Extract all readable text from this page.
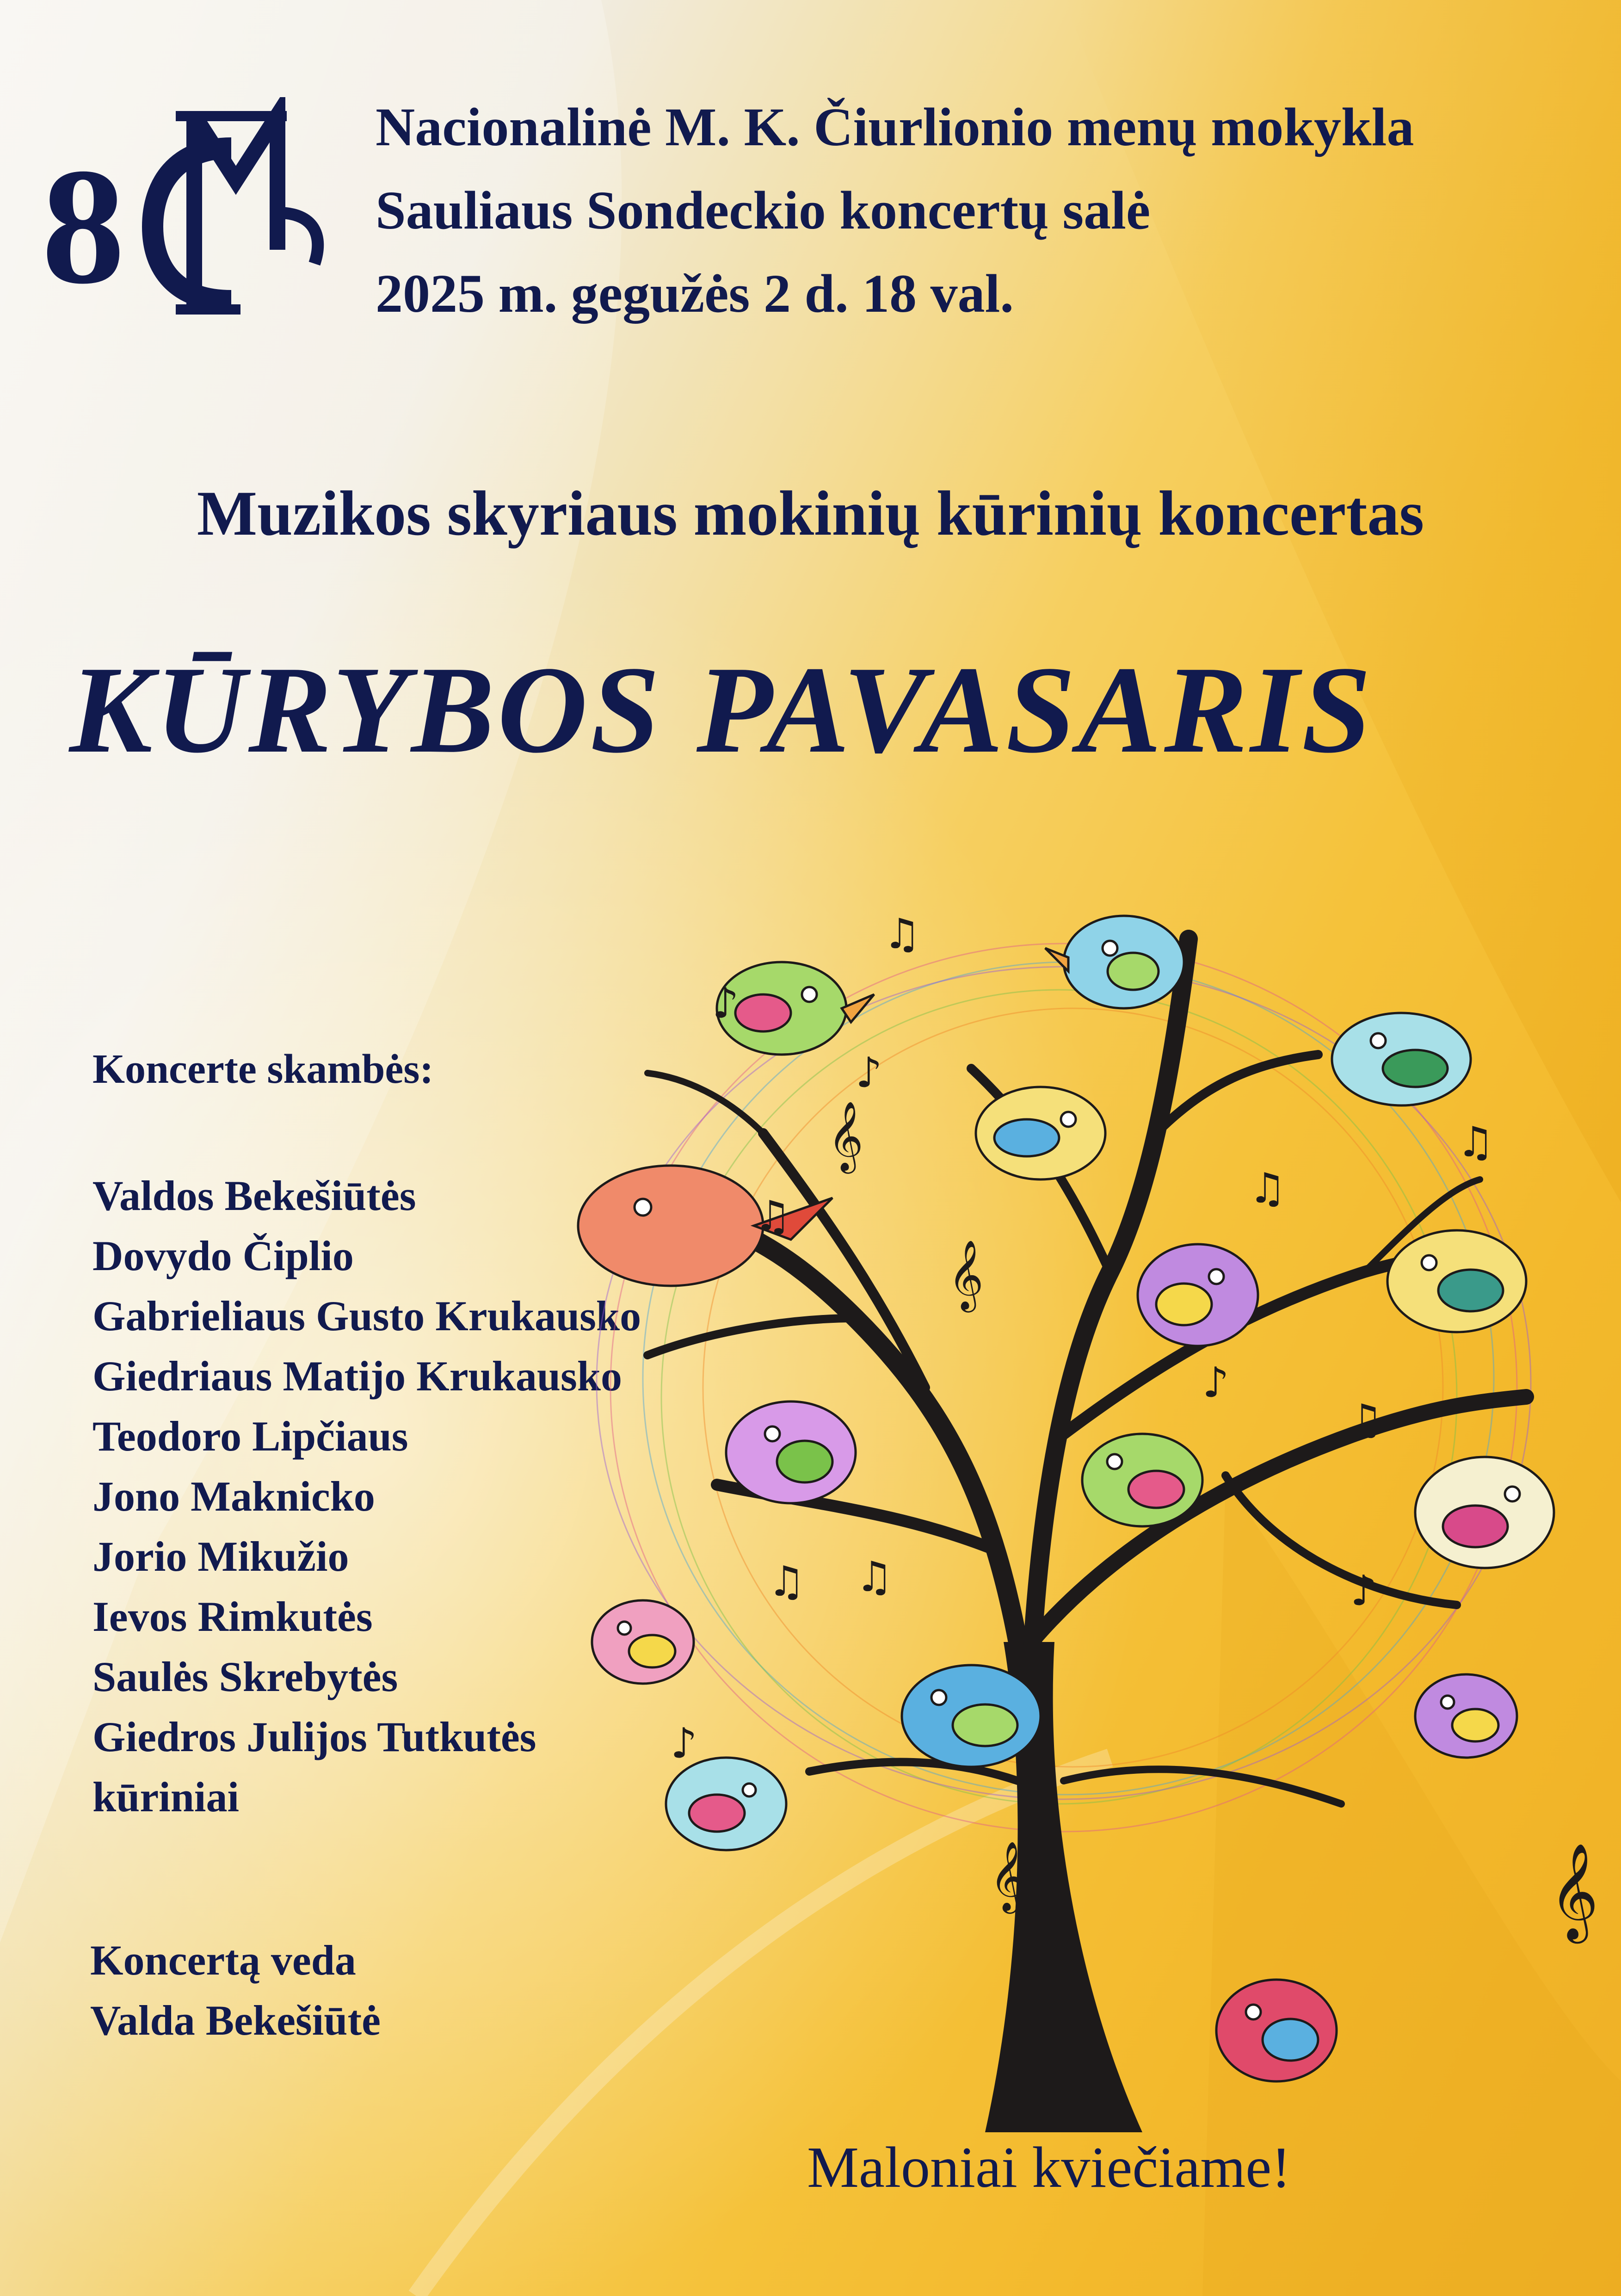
8
Nacionalinė M. K. Čiurlionio menų mokykla
Sauliaus Sondeckio koncertų salė
2025 m. gegužės 2 d. 18 val.
Muzikos skyriaus mokinių kūrinių koncertas
KŪRYBOS PAVASARIS
Koncerte skambės:
Valdos Bekešiūtės
Dovydo Čiplio
Gabrieliaus Gusto Krukausko
Giedriaus Matijo Krukausko
Teodoro Lipčiaus
Jono Maknicko
Jorio Mikužio
Ievos Rimkutės
Saulės Skrebytės
Giedros Julijos Tutkutės
kūriniai
Koncertą veda
Valda Bekešiūtė
♫
♪
♪
𝄞
♫
♫
♫
𝄞
♪
♫
♫ ♫	♪
𝄞	𝄞
♪
Maloniai kviečiame!
